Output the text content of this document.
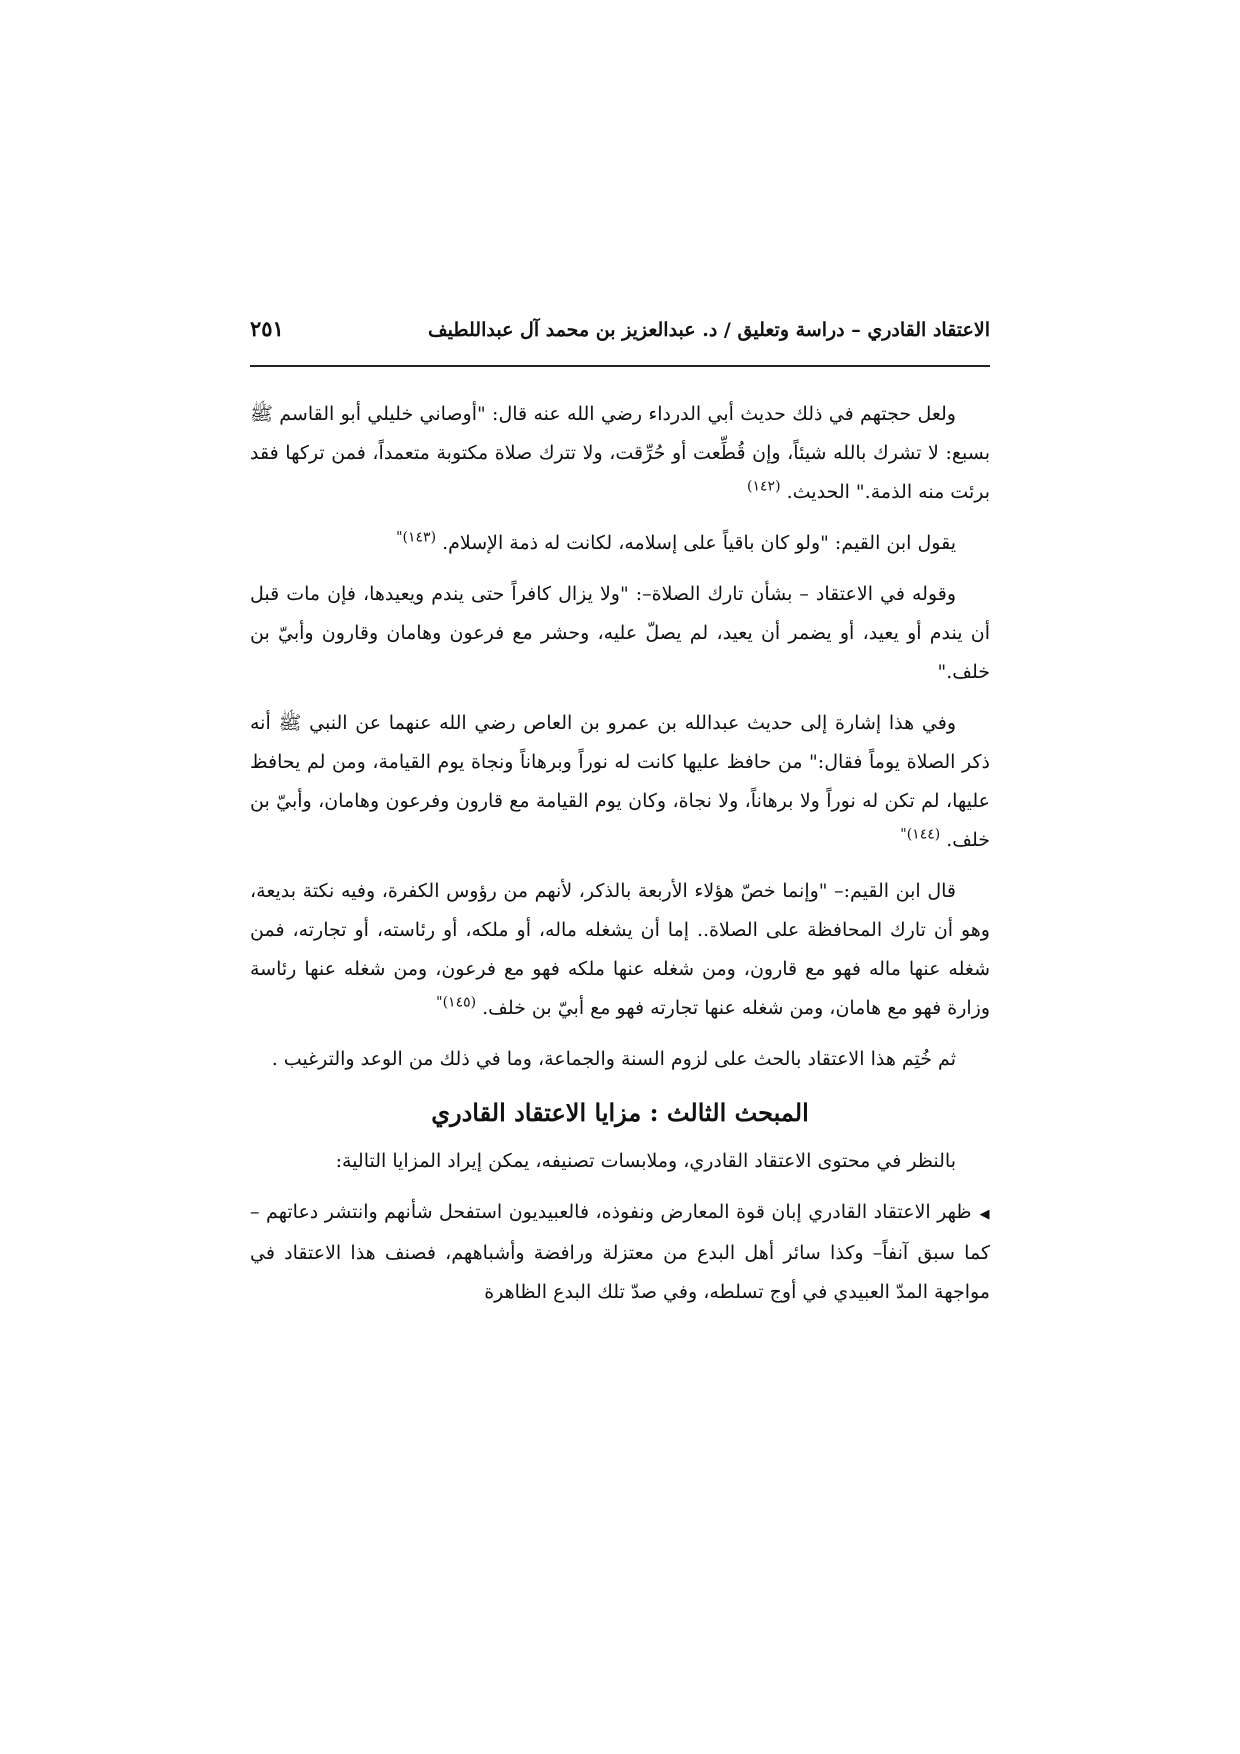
الاعتقاد القادري – دراسة وتعليق / د. عبدالعزيز بن محمد آل عبداللطيف
٢٥١

ولعل حجتهم في ذلك حديث أبي الدرداء رضي الله عنه قال: "أوصاني خليلي أبو القاسم ﷺ بسبع: لا تشرك بالله شيئاً، وإن قُطِّعت أو حُرِّقت، ولا تترك صلاة مكتوبة متعمداً، فمن تركها فقد برئت منه الذمة." الحديث. $^{(١٤٢)}$

يقول ابن القيم: "ولو كان باقياً على إسلامه، لكانت له ذمة الإسلام. $^{(١٤٣)"}$

وقوله في الاعتقاد – بشأن تارك الصلاة–: "ولا يزال كافراً حتى يندم ويعيدها، فإن مات قبل أن يندم أو يعيد، أو يضمر أن يعيد، لم يصلّ عليه، وحشر مع فرعون وهامان وقارون وأبيّ بن خلف."

وفي هذا إشارة إلى حديث عبدالله بن عمرو بن العاص رضي الله عنهما عن النبي ﷺ أنه ذكر الصلاة يوماً فقال:" من حافظ عليها كانت له نوراً وبرهاناً ونجاة يوم القيامة، ومن لم يحافظ عليها، لم تكن له نوراً ولا برهاناً، ولا نجاة، وكان يوم القيامة مع قارون وفرعون وهامان، وأبيّ بن خلف. $^{(١٤٤)"}$

قال ابن القيم:– "وإنما خصّ هؤلاء الأربعة بالذكر، لأنهم من رؤوس الكفرة، وفيه نكتة بديعة، وهو أن تارك المحافظة على الصلاة.. إما أن يشغله ماله، أو ملكه، أو رئاسته، أو تجارته، فمن شغله عنها ماله فهو مع قارون، ومن شغله عنها ملكه فهو مع فرعون، ومن شغله عنها رئاسة وزارة فهو مع هامان، ومن شغله عنها تجارته فهو مع أبيّ بن خلف. $^{(١٤٥)"}$

ثم خُتِم هذا الاعتقاد بالحث على لزوم السنة والجماعة، وما في ذلك من الوعد والترغيب .

المبحث الثالث : مزايا الاعتقاد القادري

بالنظر في محتوى الاعتقاد القادري، وملابسات تصنيفه، يمكن إيراد المزايا التالية:

◀ظهر الاعتقاد القادري إبان قوة المعارض ونفوذه، فالعبيديون استفحل شأنهم وانتشر دعاتهم – كما سبق آنفاً– وكذا سائر أهل البدع من معتزلة ورافضة وأشباههم، فصنف هذا الاعتقاد في مواجهة المدّ العبيدي في أوج تسلطه، وفي صدّ تلك البدع الظاهرة
